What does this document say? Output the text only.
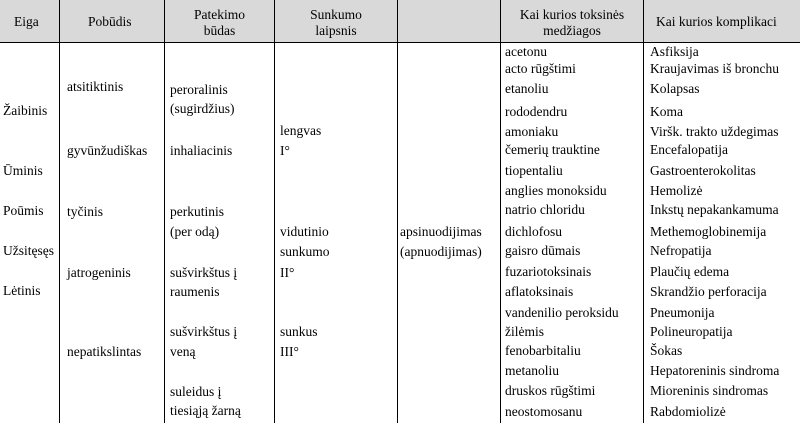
Eiga	Pobūdis	Patekimo
būdas
Sunkumo
laipsnis
Kai kurios toksinės
medžiagos
Kai kurios komplikaci
Žaibinis
Ūminis
Poūmis
Užsitęsęs
Lėtinis
atsitiktinis
gyvūnžudiškas
tyčinis
jatrogeninis
nepatikslintas
peroralinis
(sugirdžius)
inhaliacinis
perkutinis
(per odą)
sušvirkštus į
raumenis
sušvirkštus į
veną
suleidus į
tiesiąją žarną
lengvas
I°
vidutinio
sunkumo
II°
sunkus
III°
apsinuodijimas
(apnuodijimas)
acetonu
acto rūgštimi
etanoliu
rododendru
amoniaku
čemerių trauktine
tiopentaliu
anglies monoksidu
natrio chloridu
dichlofosu
gaisro dūmais
fuzariotoksinais
aflatoksinais
vandenilio peroksidu
žilėmis
fenobarbitaliu
metanoliu
druskos rūgštimi
neostomosanu
Asfiksija
Kraujavimas iš bronchu
Kolapsas
Koma
Viršk. trakto uždegimas
Encefalopatija
Gastroenterokolitas
Hemolizė
Inkstų nepakankamuma
Methemoglobinemija
Nefropatija
Plaučių edema
Skrandžio perforacija
Pneumonija
Polineuropatija
Šokas
Hepatoreninis sindroma
Mioreninis sindromas
Rabdomiolizė
